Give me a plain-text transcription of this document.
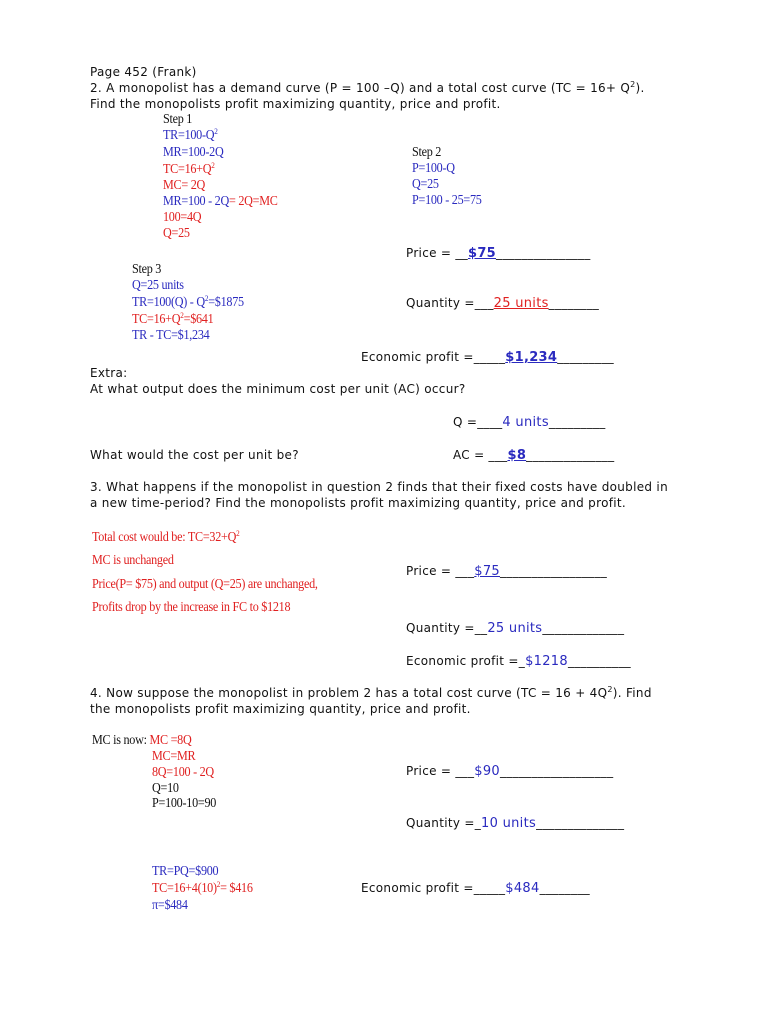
Page 452 (Frank)
2. A monopolist has a demand curve (P = 100 –Q) and a total cost curve $(TC = 16+ Q^2)$.
Find the monopolists profit maximizing quantity, price and profit.
Step 1
$TR=100-Q^2$
MR=100-2Q
$TC=16+Q^2$
MC= 2Q
MR=100 - 2Q= 2Q=MC
100=4Q
Q=25
Step 2
P=100-Q
Q=25
P=100 - 25=75
Price = __$75_______________
Quantity =___25 units________
Economic profit =_____$1,234_________
Step 3
Q=25 units
$TR=100(Q) - Q^2=\$1875$
$TC=16+Q^2=\$641$
TR - TC=$1,234
Extra:
At what output does the minimum cost per unit (AC) occur?
Q =____4 units_________
What would the cost per unit be?	AC = ___$8______________
3. What happens if the monopolist in question 2 finds that their fixed costs have doubled in
a new time-period? Find the monopolists profit maximizing quantity, price and profit.
Total cost would be: $TC=32+Q^2$
MC is unchanged
Price(P= $75) and output (Q=25) are unchanged,
Profits drop by the increase in FC to $1218
Price = ___$75_________________
Quantity =__25 units_____________
Economic profit =_$1218__________
4. Now suppose the monopolist in problem 2 has a total cost curve $(TC = 16 + 4Q^2)$. Find
the monopolists profit maximizing quantity, price and profit.
MC is now: MC =8Q
MC=MR
8Q=100 - 2Q
Q=10
P=100-10=90
TR=PQ=$900
$TC=16+4(10)^2=$ $416
π=$484
Price = ___$90__________________
Quantity =_10 units______________
Economic profit =_____$484________
